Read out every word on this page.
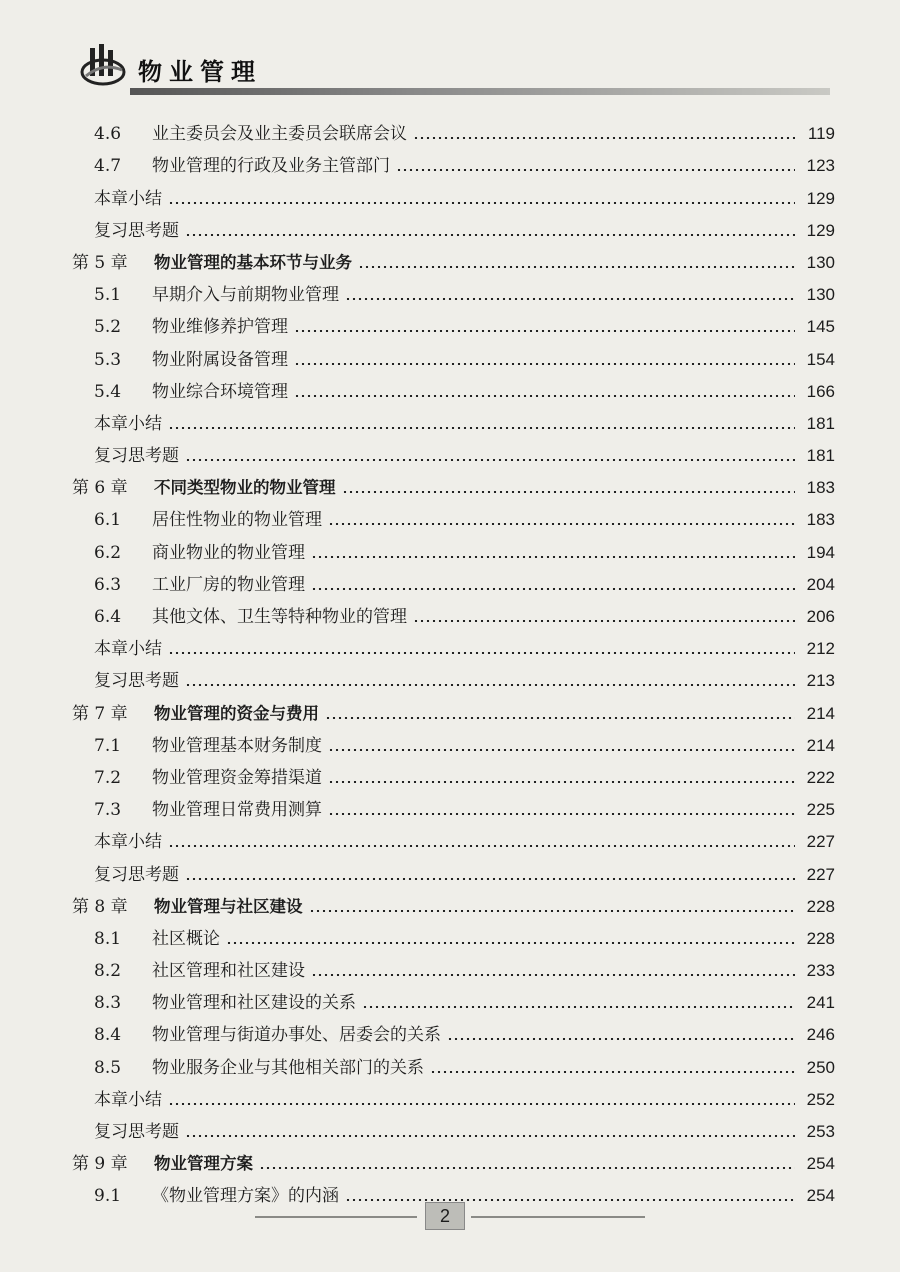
物业管理
4.6	业主委员会及业主委员会联席会议	119
4.7	物业管理的行政及业务主管部门	123
本章小结	129
复习思考题	129
第 5 章	物业管理的基本环节与业务	130
5.1	早期介入与前期物业管理	130
5.2	物业维修养护管理	145
5.3	物业附属设备管理	154
5.4	物业综合环境管理	166
本章小结	181
复习思考题	181
第 6 章	不同类型物业的物业管理	183
6.1	居住性物业的物业管理	183
6.2	商业物业的物业管理	194
6.3	工业厂房的物业管理	204
6.4	其他文体、卫生等特种物业的管理	206
本章小结	212
复习思考题	213
第 7 章	物业管理的资金与费用	214
7.1	物业管理基本财务制度	214
7.2	物业管理资金筹措渠道	222
7.3	物业管理日常费用测算	225
本章小结	227
复习思考题	227
第 8 章	物业管理与社区建设	228
8.1	社区概论	228
8.2	社区管理和社区建设	233
8.3	物业管理和社区建设的关系	241
8.4	物业管理与街道办事处、居委会的关系	246
8.5	物业服务企业与其他相关部门的关系	250
本章小结	252
复习思考题	253
第 9 章	物业管理方案	254
9.1	《物业管理方案》的内涵	254
2
